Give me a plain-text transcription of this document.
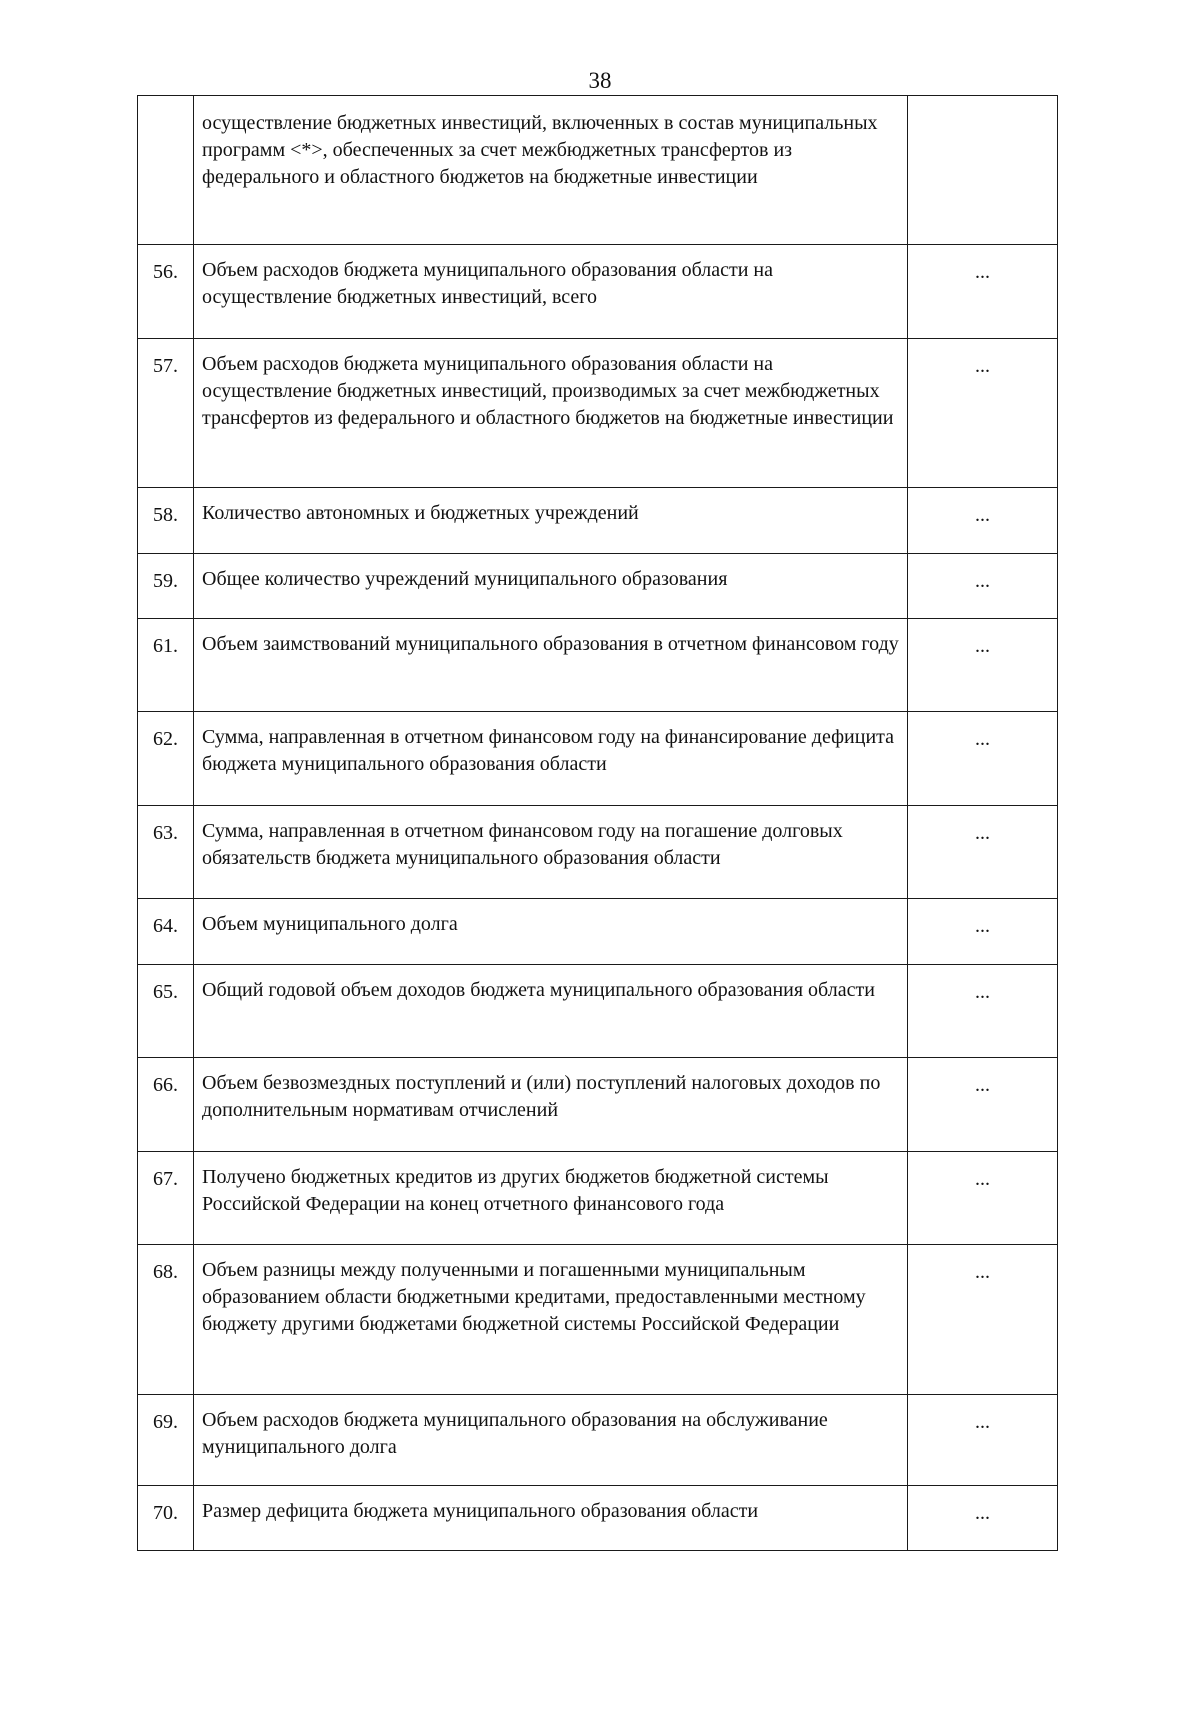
38
	осуществление бюджетных инвестиций, включенных в состав муниципальных программ <*>, обеспеченных за счет межбюджетных трансфертов из федерального и областного бюджетов на бюджетные инвестиции	
56.	Объем расходов бюджета муниципального образования области на осуществление бюджетных инвестиций, всего	...
57.	Объем расходов бюджета муниципального образования области на осуществление бюджетных инвестиций, производимых за счет межбюджетных трансфертов из федерального и областного бюджетов на бюджетные инвестиции	...
58.	Количество автономных и бюджетных учреждений	...
59.	Общее количество учреждений муниципального образования	...
61.	Объем заимствований муниципального образования в отчетном финансовом году	...
62.	Сумма, направленная в отчетном финансовом году на финансирование дефицита бюджета муниципального образования области	...
63.	Сумма, направленная в отчетном финансовом году на погашение долговых обязательств бюджета муниципального образования области	...
64.	Объем муниципального долга	...
65.	Общий годовой объем доходов бюджета муниципального образования области	...
66.	Объем безвозмездных поступлений и (или) поступлений налоговых доходов по дополнительным нормативам отчислений	...
67.	Получено бюджетных кредитов из других бюджетов бюджетной системы Российской Федерации на конец отчетного финансового года	...
68.	Объем разницы между полученными и погашенными муниципальным образованием области бюджетными кредитами, предоставленными местному бюджету другими бюджетами бюджетной системы Российской Федерации	...
69.	Объем расходов бюджета муниципального образования на обслуживание муниципального долга	...
70.	Размер дефицита бюджета муниципального образования области	...
